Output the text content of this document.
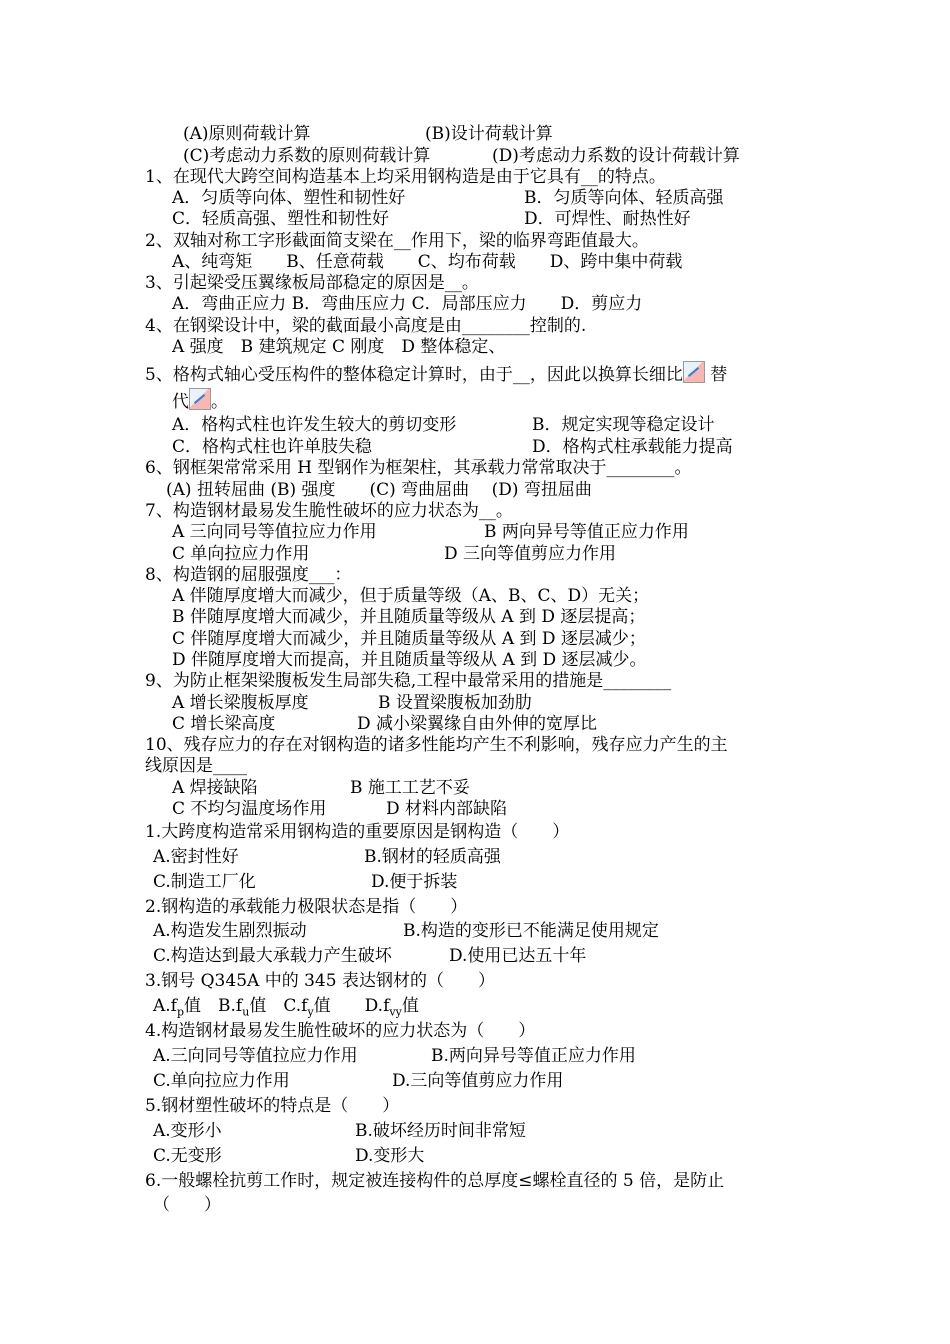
(A)原则荷载计算	(B)设计荷载计算
(C)考虑动力系数的原则荷载计算	(D)考虑动力系数的设计荷载计算
1、在现代大跨空间构造基本上均采用钢构造是由于它具有__的特点。
A．匀质等向体、塑性和韧性好	B．匀质等向体、轻质高强
C．轻质高强、塑性和韧性好	D．可焊性、耐热性好
2、双轴对称工字形截面简支梁在__作用下，梁的临界弯距值最大。
A、纯弯矩　　B、任意荷载　　C、均布荷载　　D、跨中集中荷载
3、引起梁受压翼缘板局部稳定的原因是__。
A．弯曲正应力 B．弯曲压应力 C．局部压应力　　D．剪应力
4、在钢梁设计中，梁的截面最小高度是由________控制的.
A 强度　B 建筑规定 C 刚度　D 整体稳定、
5、格构式轴心受压构件的整体稳定计算时，由于__，因此以换算长细比 替
代 。
A．格构式柱也许发生较大的剪切变形	B．规定实现等稳定设计
C．格构式柱也许单肢失稳	D．格构式柱承载能力提高
6、钢框架常常采用 H 型钢作为框架柱，其承载力常常取决于________。
(A) 扭转屈曲 (B) 强度　　(C) 弯曲屈曲　 (D) 弯扭屈曲
7、构造钢材最易发生脆性破坏的应力状态为__。
A 三向同号等值拉应力作用	B 两向异号等值正应力作用
C 单向拉应力作用	D 三向等值剪应力作用
8、构造钢的屈服强度___：
A 伴随厚度增大而减少，但于质量等级（A、B、C、D）无关；
B 伴随厚度增大而减少，并且随质量等级从 A 到 D 逐层提高；
C 伴随厚度增大而减少，并且随质量等级从 A 到 D 逐层减少；
D 伴随厚度增大而提高，并且随质量等级从 A 到 D 逐层减少。
9、为防止框架梁腹板发生局部失稳,工程中最常采用的措施是________
A 增长梁腹板厚度	B 设置梁腹板加劲肋
C 增长梁高度	D 减小梁翼缘自由外伸的宽厚比
10、残存应力的存在对钢构造的诸多性能均产生不利影响，残存应力产生的主
线原因是____
A 焊接缺陷	B 施工工艺不妥
C 不均匀温度场作用	D 材料内部缺陷
1.大跨度构造常采用钢构造的重要原因是钢构造（　　）
A.密封性好	B.钢材的轻质高强
C.制造工厂化	D.便于拆装
2.钢构造的承载能力极限状态是指（　　）
A.构造发生剧烈振动	B.构造的变形已不能满足使用规定
C.构造达到最大承载力产生破坏	D.使用已达五十年
3.钢号 Q345A 中的 345 表达钢材的（　　）
$A.f_p$值　$B.f_u$值　$C.f_y$值　　$D.f_{vy}$值
4.构造钢材最易发生脆性破坏的应力状态为（　　）
A.三向同号等值拉应力作用	B.两向异号等值正应力作用
C.单向拉应力作用	D.三向等值剪应力作用
5.钢材塑性破坏的特点是（　　）
A.变形小	B.破坏经历时间非常短
C.无变形	D.变形大
6.一般螺栓抗剪工作时，规定被连接构件的总厚度≤螺栓直径的 5 倍，是防止
（　　）
